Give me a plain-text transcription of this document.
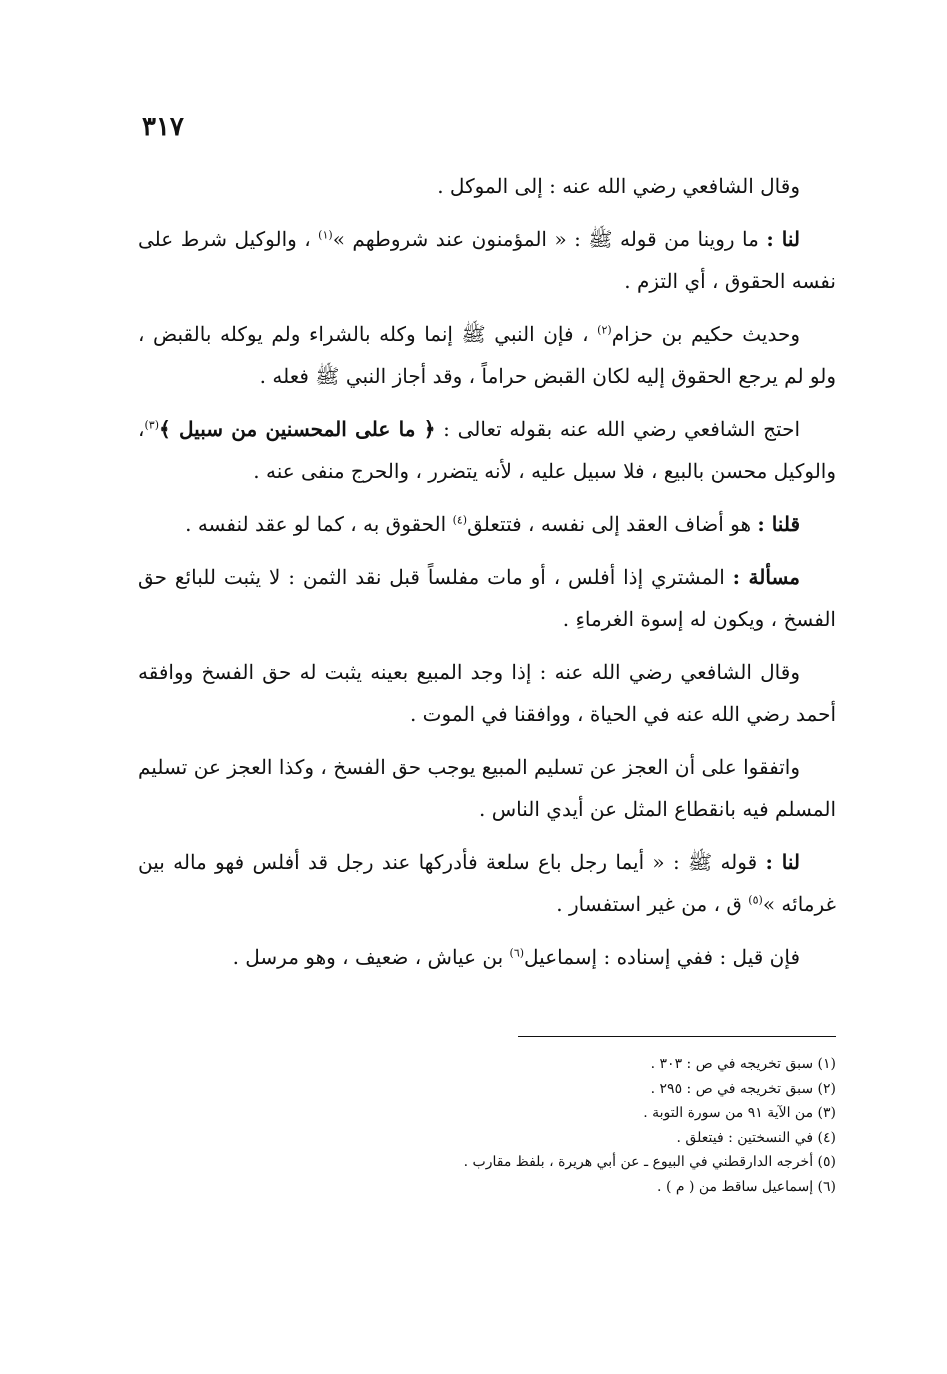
٣١٧

وقال الشافعي رضي الله عنه : إلى الموكل .

لنا : ما روينا من قوله ﷺ : « المؤمنون عند شروطهم »$^{(١)}$ ، والوكيل شرط على نفسه الحقوق ، أي التزم .

وحديث حكيم بن حزام$^{(٢)}$ ، فإن النبي ﷺ إنما وكله بالشراء ولم يوكله بالقبض ، ولو لم يرجع الحقوق إليه لكان القبض حراماً ، وقد أجاز النبي ﷺ فعله .

احتج الشافعي رضي الله عنه بقوله تعالى : ﴿ ما على المحسنين من سبيل ﴾$^{(٣)}$، والوكيل محسن بالبيع ، فلا سبيل عليه ، لأنه يتضرر ، والحرج منفى عنه .

قلنا : هو أضاف العقد إلى نفسه ، فتتعلق$^{(٤)}$ الحقوق به ، كما لو عقد لنفسه .

مسألة : المشتري إذا أفلس ، أو مات مفلساً قبل نقد الثمن : لا يثبت للبائع حق الفسخ ، ويكون له إسوة الغرماءِ .

وقال الشافعي رضي الله عنه : إذا وجد المبيع بعينه يثبت له حق الفسخ ووافقه أحمد رضي الله عنه في الحياة ، ووافقنا في الموت .

واتفقوا على أن العجز عن تسليم المبيع يوجب حق الفسخ ، وكذا العجز عن تسليم المسلم فيه بانقطاع المثل عن أيدي الناس .

لنا : قوله ﷺ : « أيما رجل باع سلعة فأدركها عند رجل قد أفلس فهو ماله بين غرمائه »$^{(٥)}$ ق ، من غير استفسار .

فإن قيل : ففي إسناده : إسماعيل$^{(٦)}$ بن عياش ، ضعيف ، وهو مرسل .

(١) سبق تخريجه في ص : ٣٠٣ .

(٢) سبق تخريجه في ص : ٢٩٥ .

(٣) من الآية ٩١ من سورة التوبة .

(٤) في النسختين : فيتعلق .

(٥) أخرجه الدارقطني في البيوع ـ عن أبي هريرة ، بلفظ مقارب .

(٦) إسماعيل ساقط من ( م ) .
